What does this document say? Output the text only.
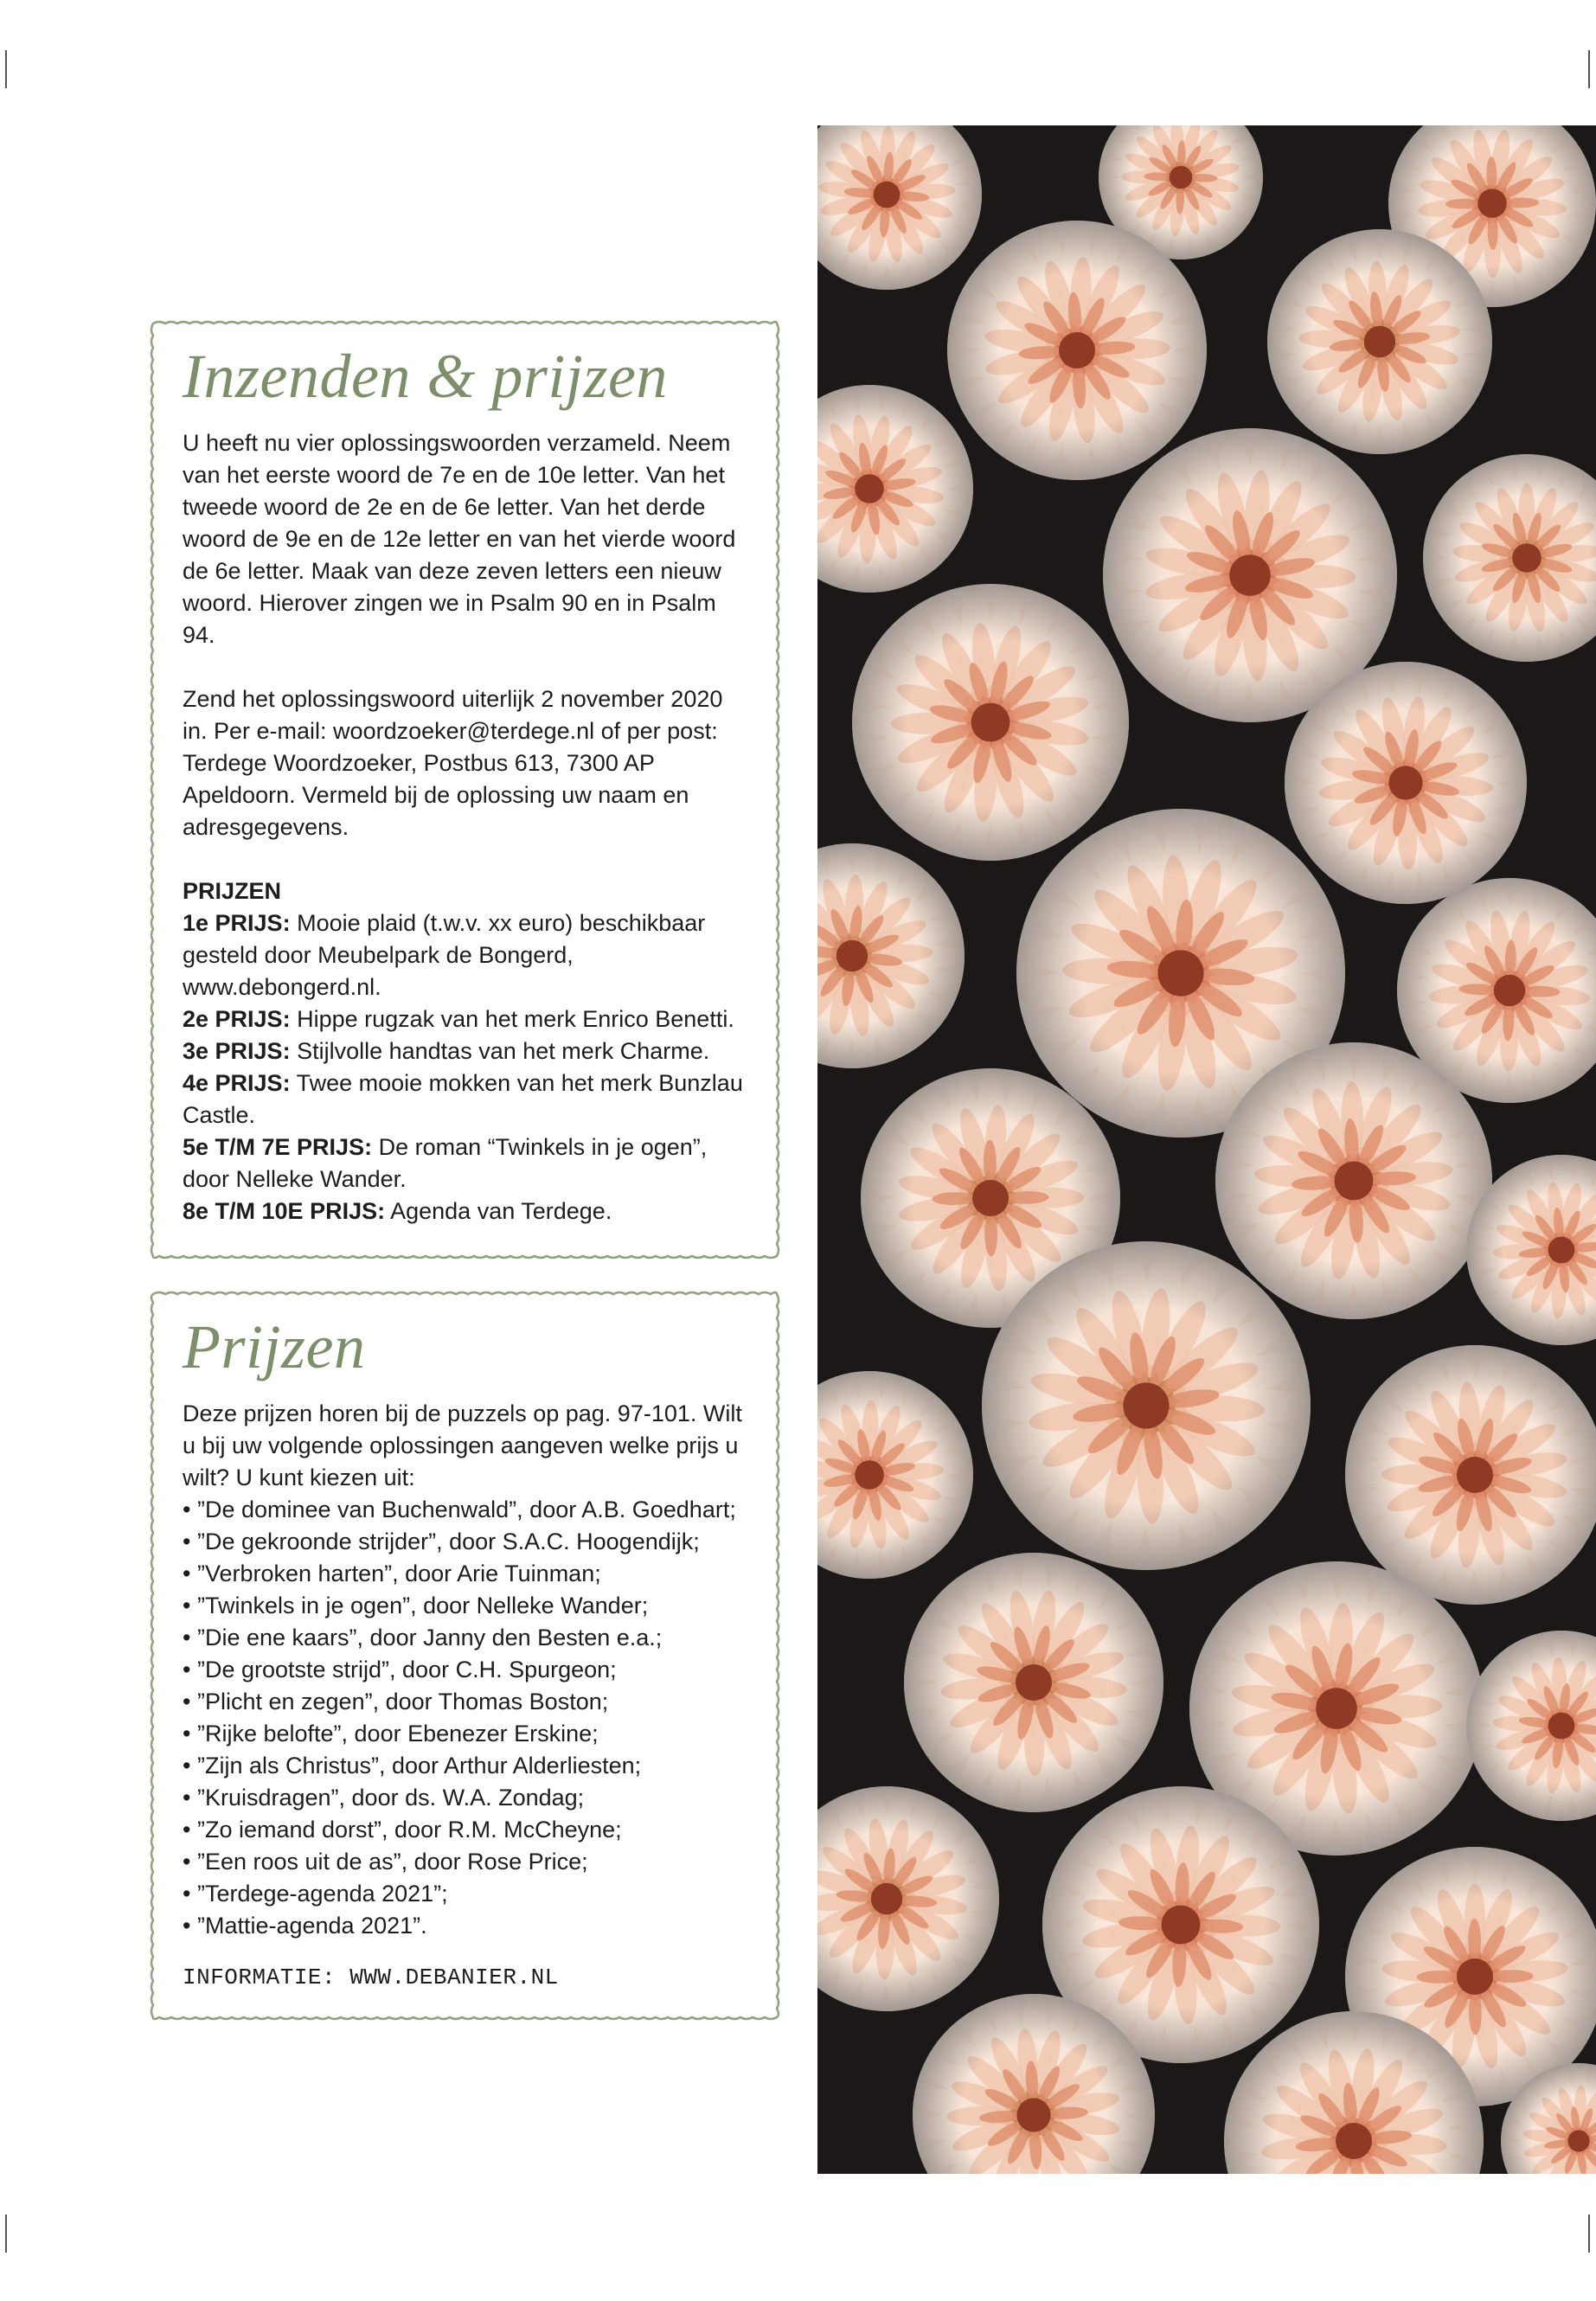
Inzenden & prijzen

U heeft nu vier oplossingswoorden verzameld. Neem van het eerste woord de 7e en de 10e letter. Van het tweede woord de 2e en de 6e letter. Van het derde woord de 9e en de 12e letter en van het vierde woord de 6e letter. Maak van deze zeven letters een nieuw woord. Hierover zingen we in Psalm 90 en in Psalm 94.

Zend het oplossingswoord uiterlijk 2 november 2020 in. Per e-mail: woordzoeker@terdege.nl of per post: Terdege Woordzoeker, Postbus 613, 7300 AP Apeldoorn. Vermeld bij de oplossing uw naam en adresgegevens.

PRIJZEN
1e PRIJS: Mooie plaid (t.w.v. xx euro) beschikbaar gesteld door Meubelpark de Bongerd, www.debongerd.nl.
2e PRIJS: Hippe rugzak van het merk Enrico Benetti.
3e PRIJS: Stijlvolle handtas van het merk Charme.
4e PRIJS: Twee mooie mokken van het merk Bunzlau Castle.
5e T/M 7E PRIJS: De roman “Twinkels in je ogen”, door Nelleke Wander.
8e T/M 10E PRIJS: Agenda van Terdege.
Prijzen

Deze prijzen horen bij de puzzels op pag. 97-101. Wilt u bij uw volgende oplossingen aangeven welke prijs u wilt? U kunt kiezen uit:

• ”De dominee van Buchenwald”, door A.B. Goedhart;
• ”De gekroonde strijder”, door S.A.C. Hoogendijk;
• ”Verbroken harten”, door Arie Tuinman;
• ”Twinkels in je ogen”, door Nelleke Wander;
• ”Die ene kaars”, door Janny den Besten e.a.;
• ”De grootste strijd”, door C.H. Spurgeon;
• ”Plicht en zegen”, door Thomas Boston;
• ”Rijke belofte”, door Ebenezer Erskine;
• ”Zijn als Christus”, door Arthur Alderliesten;
• ”Kruisdragen”, door ds. W.A. Zondag;
• ”Zo iemand dorst”, door R.M. McCheyne;
• ”Een roos uit de as”, door Rose Price;
• ”Terdege-agenda 2021”;
• ”Mattie-agenda 2021”.
INFORMATIE: WWW.DEBANIER.NL
